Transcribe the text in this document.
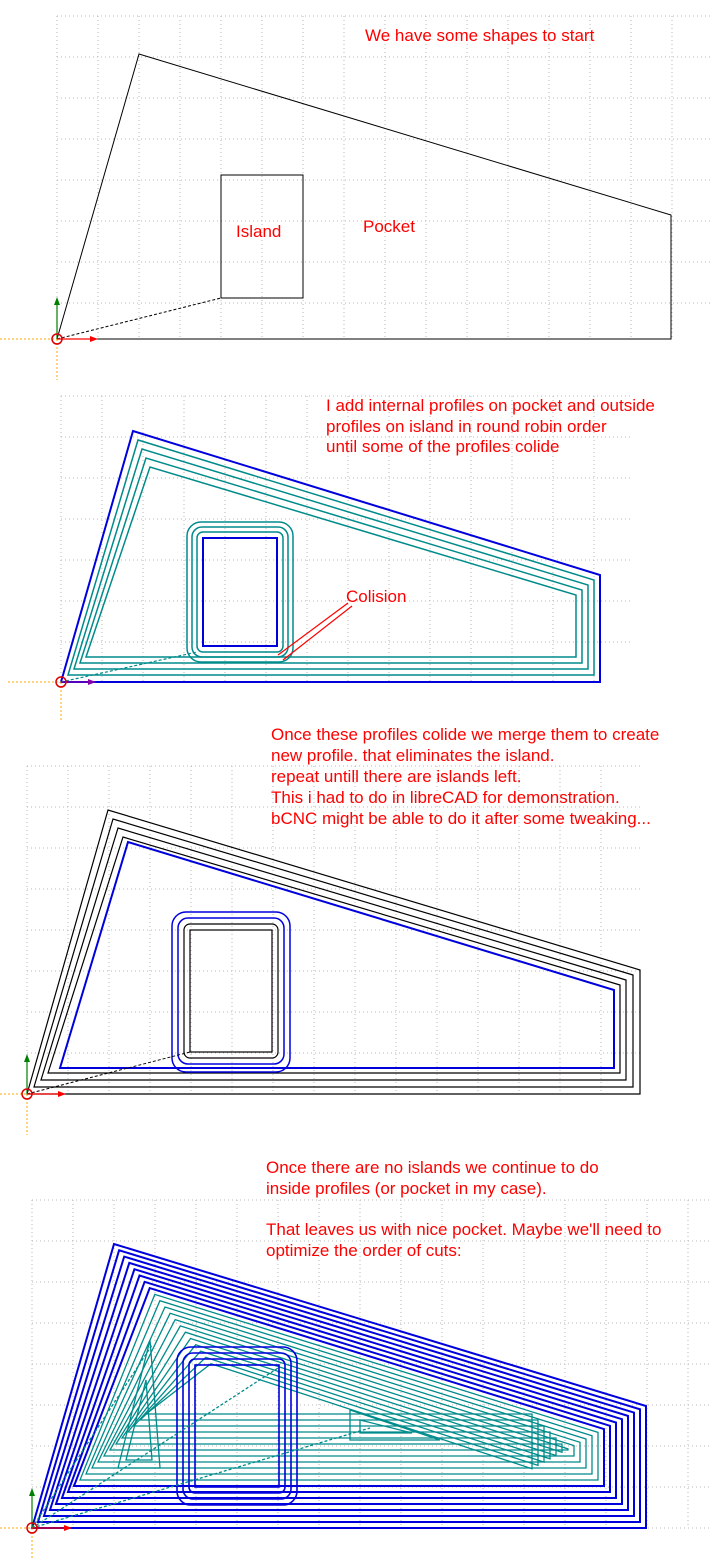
We have some shapes to start
Island	Pocket
I add internal profiles on pocket and outside
profiles on island in round robin order
until some of the profiles colide
Colision
Once these profiles colide we merge them to create
new profile. that eliminates the island.
repeat untill there are islands left.
This i had to do in libreCAD for demonstration.
bCNC might be able to do it after some tweaking...
Once there are no islands we continue to do
inside profiles (or pocket in my case).
That leaves us with nice pocket. Maybe we'll need to
optimize the order of cuts:
